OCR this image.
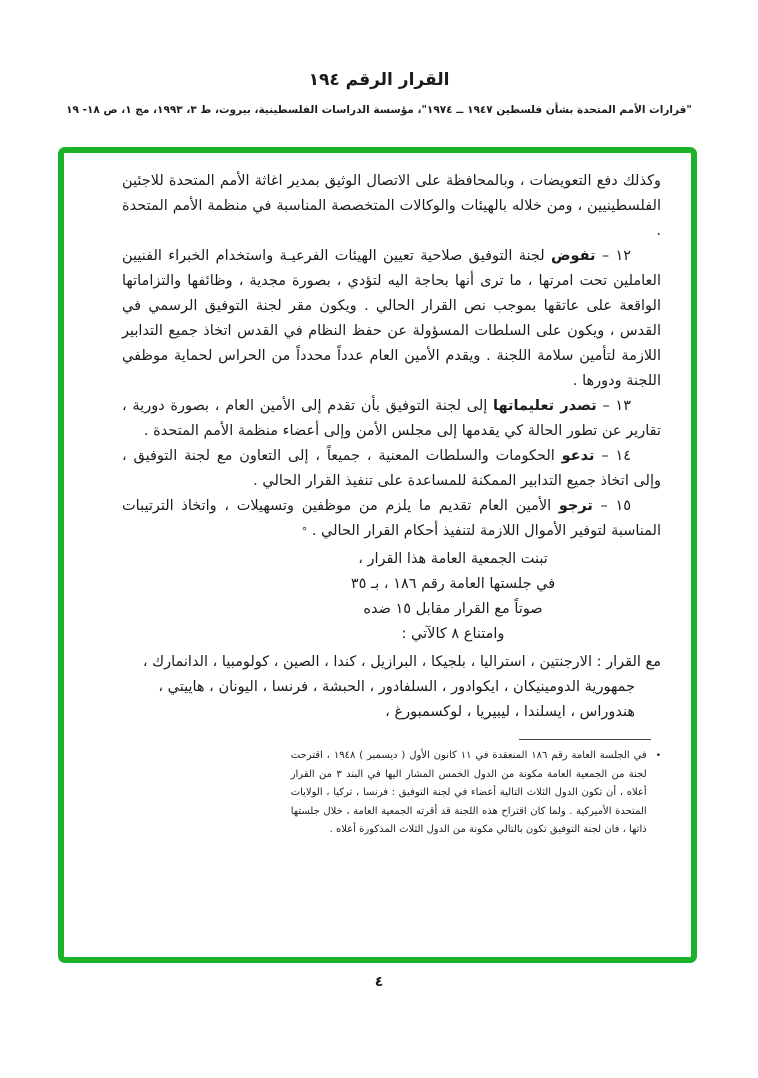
القرار الرقم ١٩٤
"قرارات الأمم المتحدة بشأن فلسطين ١٩٤٧ ــ ١٩٧٤"، مؤسسة الدراسات الفلسطينية، بيروت، ط ٣، ١٩٩٣، مج ١، ص ١٨- ١٩

وكذلك دفع التعويضات ، وبالمحافظة على الاتصال الوثيق بمدير اغاثة الأمم المتحدة للاجئين الفلسطينيين ، ومن خلاله بالهيئات والوكالات المتخصصة المناسبة في منظمة الأمم المتحدة .

١٢ – تفوض لجنة التوفيق صلاحية تعيين الهيئات الفرعيـة واستخدام الخبراء الفنيين العاملين تحت امرتها ، ما ترى أنها بحاجة اليه لتؤدي ، بصورة مجدية ، وظائفها والتزاماتها الواقعة على عاتقها بموجب نص القرار الحالي . ويكون مقر لجنة التوفيق الرسمي في القدس ، ويكون على السلطات المسؤولة عن حفظ النظام في القدس اتخاذ جميع التدابير اللازمة لتأمين سلامة اللجنة . ويقدم الأمين العام عدداً محدداً من الحراس لحماية موظفي اللجنة ودورها .

١٣ – تصدر تعليماتها إلى لجنة التوفيق بأن تقدم إلى الأمين العام ، بصورة دورية ، تقارير عن تطور الحالة كي يقدمها إلى مجلس الأمن وإلى أعضاء منظمة الأمم المتحدة .

١٤ – تدعو الحكومات والسلطات المعنية ، جميعاً ، إلى التعاون مع لجنة التوفيق ، وإلى اتخاذ جميع التدابير الممكنة للمساعدة على تنفيذ القرار الحالي .

١٥ – ترجو الأمين العام تقديم ما يلزم من موظفين وتسهيلات ، واتخاذ الترتيبات المناسبة لتوفير الأموال اللازمة لتنفيذ أحكام القرار الحالي . °

تبنت الجمعية العامة هذا القرار ،
في جلستها العامة رقم ١٨٦ ، بـ ٣٥
صوتاً مع القرار مقابل ١٥ ضده
وامتناع ٨ كالآتي :

مع القرار : الارجنتين ، استراليا ، بلجيكا ، البرازيل ، كندا ، الصين ، كولومبيا ، الدانمارك ، جمهورية الدومينيكان ، ايكوادور ، السلفادور ، الحبشة ، فرنسا ، اليونان ، هاييتي ، هندوراس ، ايسلندا ، ليبيريا ، لوكسمبورغ ،

•
في الجلسة العامة رقم ١٨٦ المنعقدة في ١١ كانون الأول ( ديسمبر ) ١٩٤٨ ، اقترحت لجنة من الجمعية العامة مكونة من الدول الخمس المشار اليها في البند ٣ من القرار أعلاه ، أن تكون الدول الثلاث التالية أعضاء في لجنة التوفيق : فرنسا ، تركيا ، الولايات المتحدة الأميركية . ولما كان اقتراح هذه اللجنة قد أقرته الجمعية العامة ، خلال جلستها ذاتها ، فان لجنة التوفيق تكون بالتالي مكونة من الدول الثلاث المذكورة أعلاه .
٤
